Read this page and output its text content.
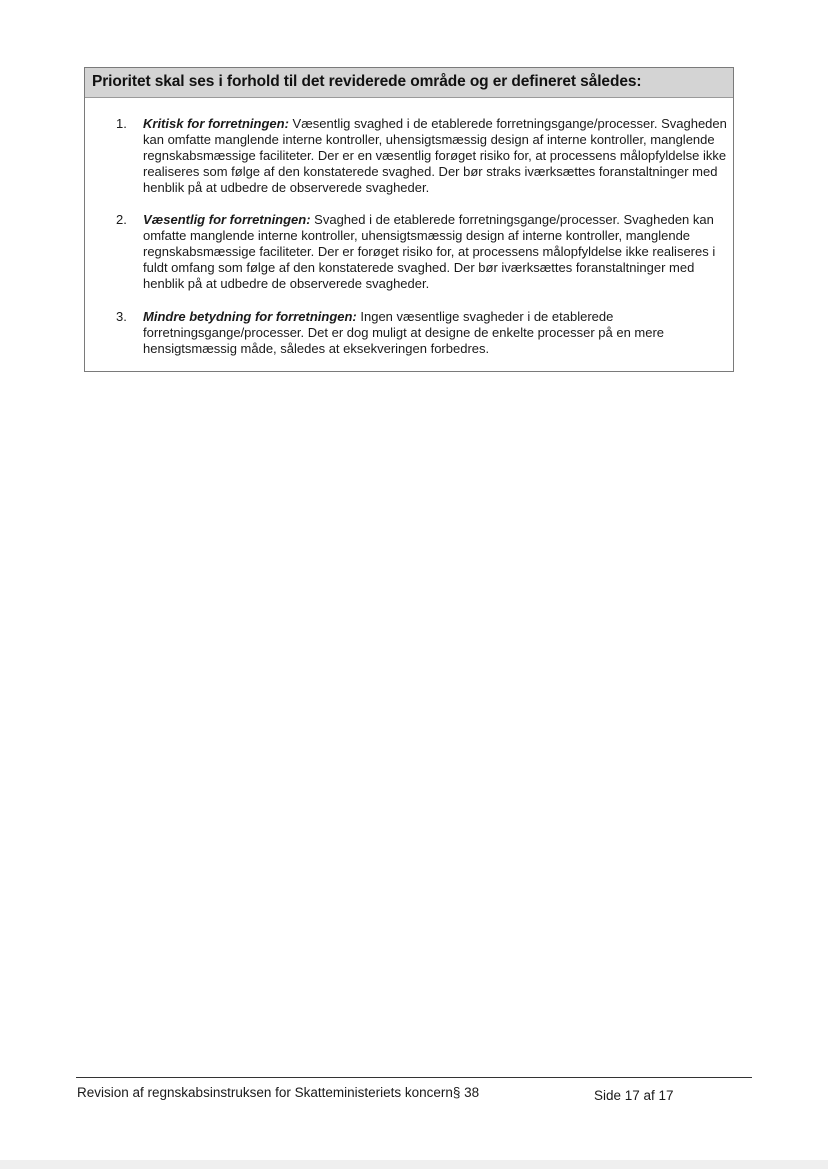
Prioritet skal ses i forhold til det reviderede område og er defineret således:
1. Kritisk for forretningen: Væsentlig svaghed i de etablerede forretningsgange/processer. Svagheden kan omfatte manglende interne kontroller, uhensigtsmæssig design af interne kontroller, manglende regnskabsmæssige faciliteter. Der er en væsentlig forøget risiko for, at processens målopfyldelse ikke realiseres som følge af den konstaterede svaghed. Der bør straks iværksættes foranstaltninger med henblik på at udbedre de observerede svagheder.
2. Væsentlig for forretningen: Svaghed i de etablerede forretningsgange/processer. Svagheden kan omfatte manglende interne kontroller, uhensigtsmæssig design af interne kontroller, manglende regnskabsmæssige faciliteter. Der er forøget risiko for, at processens målopfyldelse ikke realiseres i fuldt omfang som følge af den konstaterede svaghed. Der bør iværksættes foranstaltninger med henblik på at udbedre de observerede svagheder.
3. Mindre betydning for forretningen: Ingen væsentlige svagheder i de etablerede forretningsgange/processer. Det er dog muligt at designe de enkelte processer på en mere hensigtsmæssig måde, således at eksekveringen forbedres.
Revision af regnskabsinstruksen for Skatteministeriets koncern§ 38	Side 17 af 17
